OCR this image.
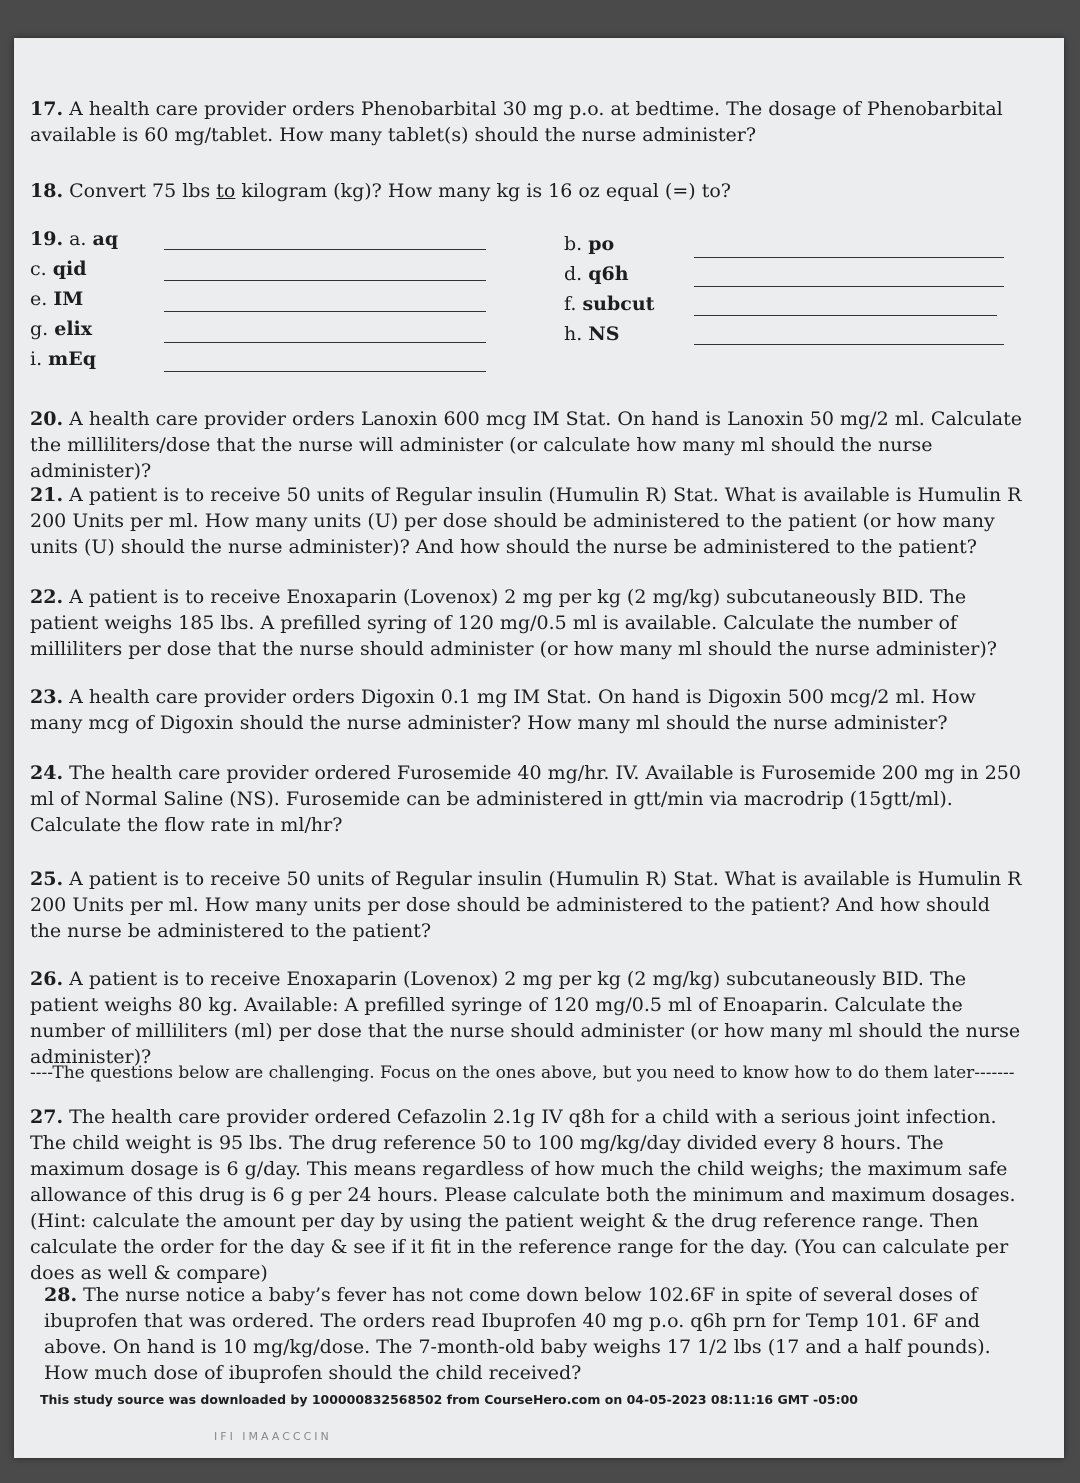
17. A health care provider orders Phenobarbital 30 mg p.o. at bedtime. The dosage of Phenobarbital available is 60 mg/tablet. How many tablet(s) should the nurse administer?
18. Convert 75 lbs to kilogram (kg)? How many kg is 16 oz equal (=) to?
19. a. aq	b. po
c. qid	d. q6h
e. IM	f. subcut
g. elix	h. NS
i. mEq
20. A health care provider orders Lanoxin 600 mcg IM Stat. On hand is Lanoxin 50 mg/2 ml. Calculate the milliliters/dose that the nurse will administer (or calculate how many ml should the nurse administer)?
21. A patient is to receive 50 units of Regular insulin (Humulin R) Stat. What is available is Humulin R 200 Units per ml. How many units (U) per dose should be administered to the patient (or how many units (U) should the nurse administer)? And how should the nurse be administered to the patient?
22. A patient is to receive Enoxaparin (Lovenox) 2 mg per kg (2 mg/kg) subcutaneously BID. The patient weighs 185 lbs. A prefilled syring of 120 mg/0.5 ml is available. Calculate the number of milliliters per dose that the nurse should administer (or how many ml should the nurse administer)?
23. A health care provider orders Digoxin 0.1 mg IM Stat. On hand is Digoxin 500 mcg/2 ml. How many mcg of Digoxin should the nurse administer? How many ml should the nurse administer?
24. The health care provider ordered Furosemide 40 mg/hr. IV. Available is Furosemide 200 mg in 250 ml of Normal Saline (NS). Furosemide can be administered in gtt/min via macrodrip (15gtt/ml). Calculate the flow rate in ml/hr?
25. A patient is to receive 50 units of Regular insulin (Humulin R) Stat. What is available is Humulin R 200 Units per ml. How many units per dose should be administered to the patient? And how should the nurse be administered to the patient?
26. A patient is to receive Enoxaparin (Lovenox) 2 mg per kg (2 mg/kg) subcutaneously BID. The patient weighs 80 kg. Available: A prefilled syringe of 120 mg/0.5 ml of Enoaparin. Calculate the number of milliliters (ml) per dose that the nurse should administer (or how many ml should the nurse administer)?
----The questions below are challenging. Focus on the ones above, but you need to know how to do them later-------
27. The health care provider ordered Cefazolin 2.1g IV q8h for a child with a serious joint infection. The child weight is 95 lbs. The drug reference 50 to 100 mg/kg/day divided every 8 hours. The maximum dosage is 6 g/day. This means regardless of how much the child weighs; the maximum safe allowance of this drug is 6 g per 24 hours. Please calculate both the minimum and maximum dosages. (Hint: calculate the amount per day by using the patient weight & the drug reference range. Then calculate the order for the day & see if it fit in the reference range for the day. (You can calculate per does as well & compare)
28. The nurse notice a baby’s fever has not come down below 102.6F in spite of several doses of ibuprofen that was ordered. The orders read Ibuprofen 40 mg p.o. q6h prn for Temp 101. 6F and above. On hand is 10 mg/kg/dose. The 7-month-old baby weighs 17 1/2 lbs (17 and a half pounds). How much dose of ibuprofen should the child received?
This study source was downloaded by 100000832568502 from CourseHero.com on 04-05-2023 08:11:16 GMT -05:00
IFI IMAACCCIN
